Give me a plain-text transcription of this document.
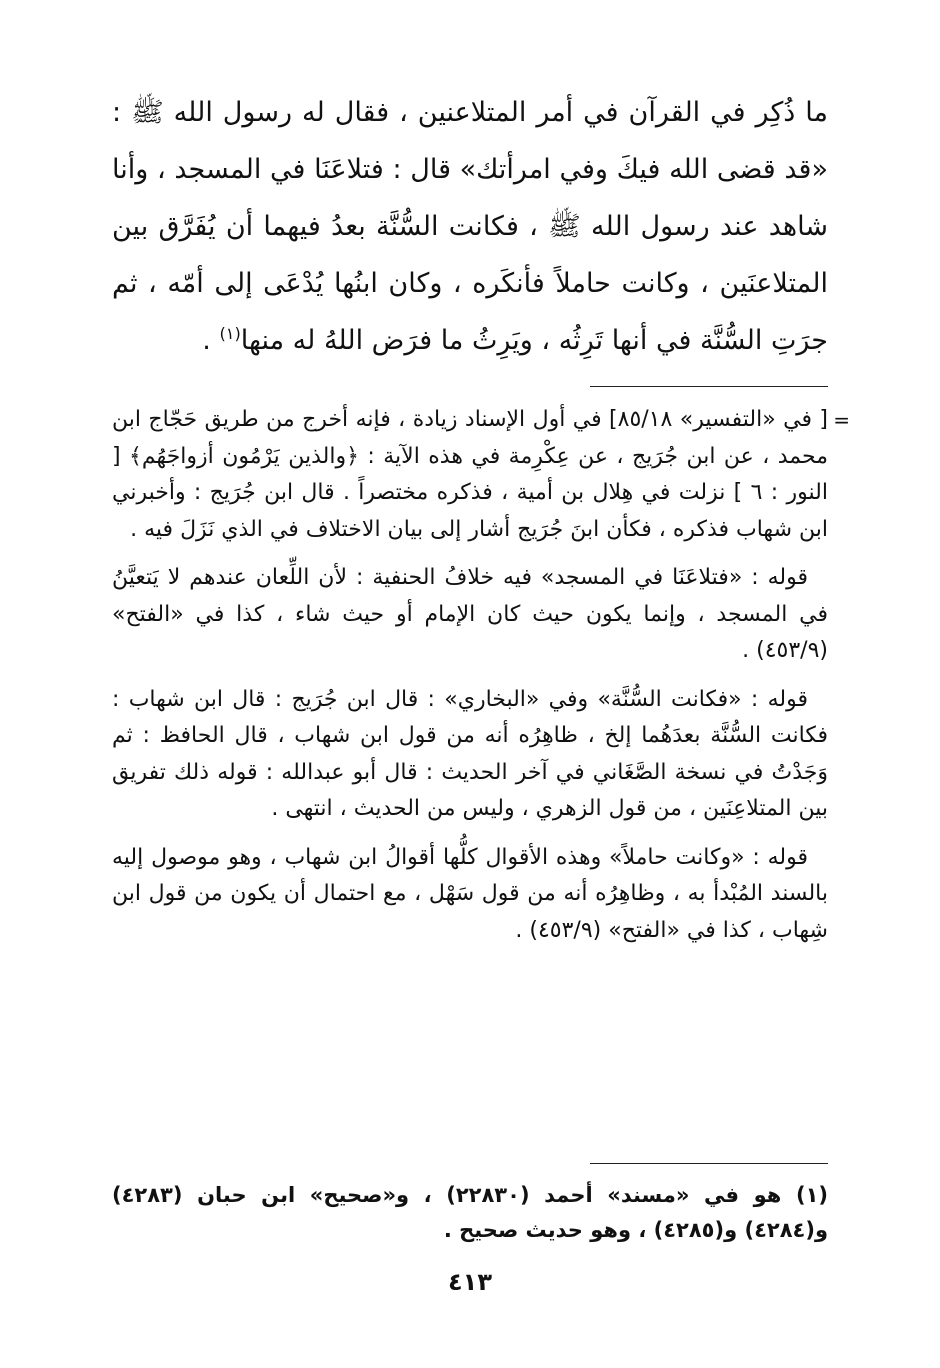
ما ذُكِر في القرآن في أمر المتلاعنين ، فقال له رسول الله ﷺ : «قد قضى الله فيكَ وفي امرأتك» قال : فتلاعَنَا في المسجد ، وأنا شاهد عند رسول الله ﷺ ، فكانت السُّنَّة بعدُ فيهما أن يُفَرَّق بين المتلاعنَين ، وكانت حاملاً فأنكَره ، وكان ابنُها يُدْعَى إلى أمّه ، ثم جرَتِ السُّنَّة في أنها تَرِثُه ، ويَرِثُ ما فرَض اللهُ له منها$^{(١)}$ .

=

[ في «التفسير» ٨٥/١٨] في أول الإسناد زيادة ، فإنه أخرج من طريق حَجّاج ابن محمد ، عن ابن جُرَيج ، عن عِكْرِمة في هذه الآية : ﴿والذين يَرْمُون أزواجَهُم﴾ [ النور : ٦ ] نزلت في هِلال بن أمية ، فذكره مختصراً . قال ابن جُرَيج : وأخبرني ابن شهاب فذكره ، فكأن ابنَ جُرَيج أشار إلى بيان الاختلاف في الذي نَزَلَ فيه .

قوله : «فتلاعَنَا في المسجد» فيه خلافُ الحنفية : لأن اللِّعان عندهم لا يَتعيَّنُ في المسجد ، وإنما يكون حيث كان الإمام أو حيث شاء ، كذا في «الفتح» (٤٥٣/٩) .

قوله : «فكانت السُّنَّة» وفي «البخاري» : قال ابن جُرَيج : قال ابن شهاب : فكانت السُّنَّة بعدَهُما إلخ ، ظاهِرُه أنه من قول ابن شهاب ، قال الحافظ : ثم وَجَدْتُ في نسخة الصَّغَاني في آخر الحديث : قال أبو عبدالله : قوله ذلك تفريق بين المتلاعِنَين ، من قول الزهري ، وليس من الحديث ، انتهى .

قوله : «وكانت حاملاً» وهذه الأقوال كلُّها أقوالُ ابن شهاب ، وهو موصول إليه بالسند المُبْدأ به ، وظاهِرُه أنه من قول سَهْل ، مع احتمال أن يكون من قول ابن شِهاب ، كذا في «الفتح» (٤٥٣/٩) .

(١) هو في «مسند» أحمد (٢٢٨٣٠) ، و«صحيح» ابن حبان (٤٢٨٣) و(٤٢٨٤) و(٤٢٨٥) ، وهو حديث صحيح .

٤١٣
